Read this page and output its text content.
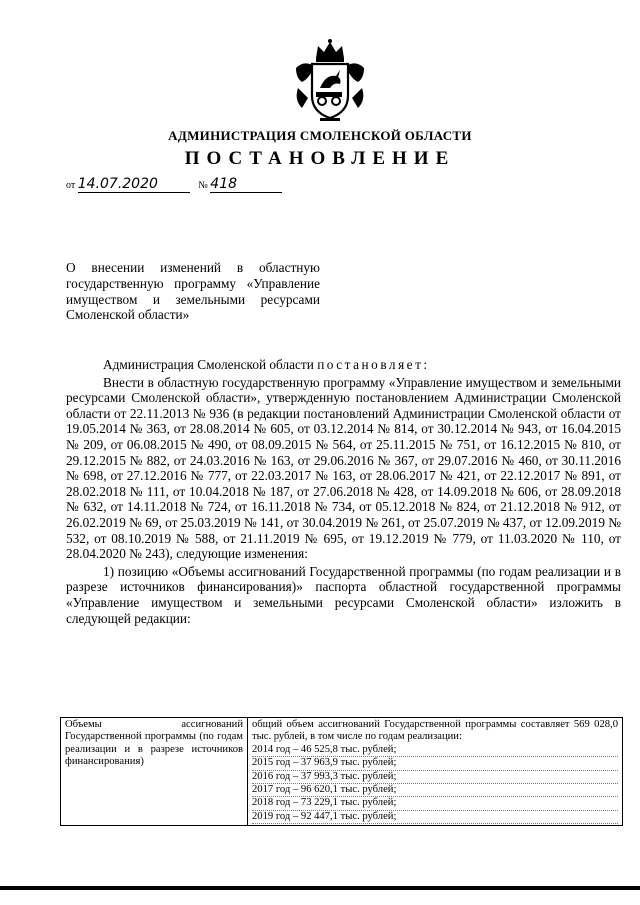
АДМИНИСТРАЦИЯ СМОЛЕНСКОЙ ОБЛАСТИ
ПОСТАНОВЛЕНИЕ
от 14.07.2020	№ 418
О внесении изменений в областную государственную программу «Управление имуществом и земельными ресурсами Смоленской области»

Администрация Смоленской области постановляет:

Внести в областную государственную программу «Управление имуществом и земельными ресурсами Смоленской области», утвержденную постановлением Администрации Смоленской области от 22.11.2013 № 936 (в редакции постановлений Администрации Смоленской области от 19.05.2014 № 363, от 28.08.2014 № 605, от 03.12.2014 № 814, от 30.12.2014 № 943, от 16.04.2015 № 209, от 06.08.2015 № 490, от 08.09.2015 № 564, от 25.11.2015 № 751, от 16.12.2015 № 810, от 29.12.2015 № 882, от 24.03.2016 № 163, от 29.06.2016 № 367, от 29.07.2016 № 460, от 30.11.2016 № 698, от 27.12.2016 № 777, от 22.03.2017 № 163, от 28.06.2017 № 421, от 22.12.2017 № 891, от 28.02.2018 № 111, от 10.04.2018 № 187, от 27.06.2018 № 428, от 14.09.2018 № 606, от 28.09.2018 № 632, от 14.11.2018 № 724, от 16.11.2018 № 734, от 05.12.2018 № 824, от 21.12.2018 № 912, от 26.02.2019 № 69, от 25.03.2019 № 141, от 30.04.2019 № 261, от 25.07.2019 № 437, от 12.09.2019 № 532, от 08.10.2019 № 588, от 21.11.2019 № 695, от 19.12.2019 № 779, от 11.03.2020 № 110, от 28.04.2020 № 243), следующие изменения:

1) позицию «Объемы ассигнований Государственной программы (по годам реализации и в разрезе источников финансирования)» паспорта областной государственной программы «Управление имуществом и земельными ресурсами Смоленской области» изложить в следующей редакции:

Объемы ассигнований Государственной программы (по годам реализации и в разрезе источников финансирования)	общий объем ассигнований Государственной программы составляет 569 028,0 тыс. рублей, в том числе по годам реализации:
2014 год – 46 525,8 тыс. рублей;
2015 год – 37 963,9 тыс. рублей;
2016 год – 37 993,3 тыс. рублей;
2017 год – 96 620,1 тыс. рублей;
2018 год – 73 229,1 тыс. рублей;
2019 год – 92 447,1 тыс. рублей;
